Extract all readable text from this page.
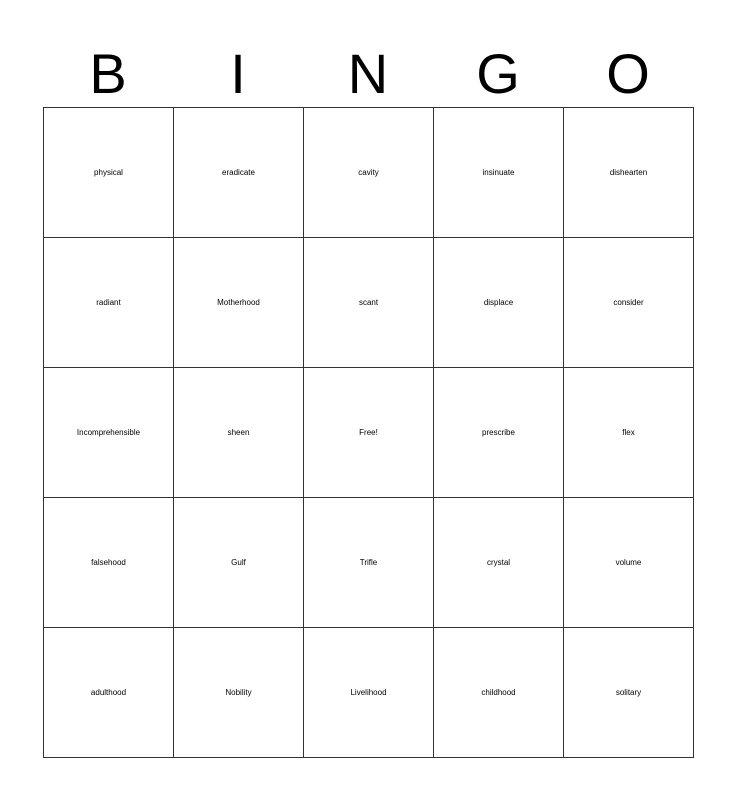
B	I	N	G	O
physical	eradicate	cavity	insinuate	dishearten
radiant	Motherhood	scant	displace	consider
Incomprehensible	sheen	Free!	prescribe	flex
falsehood	Gulf	Trifle	crystal	volume
adulthood	Nobility	Livelihood	childhood	solitary
